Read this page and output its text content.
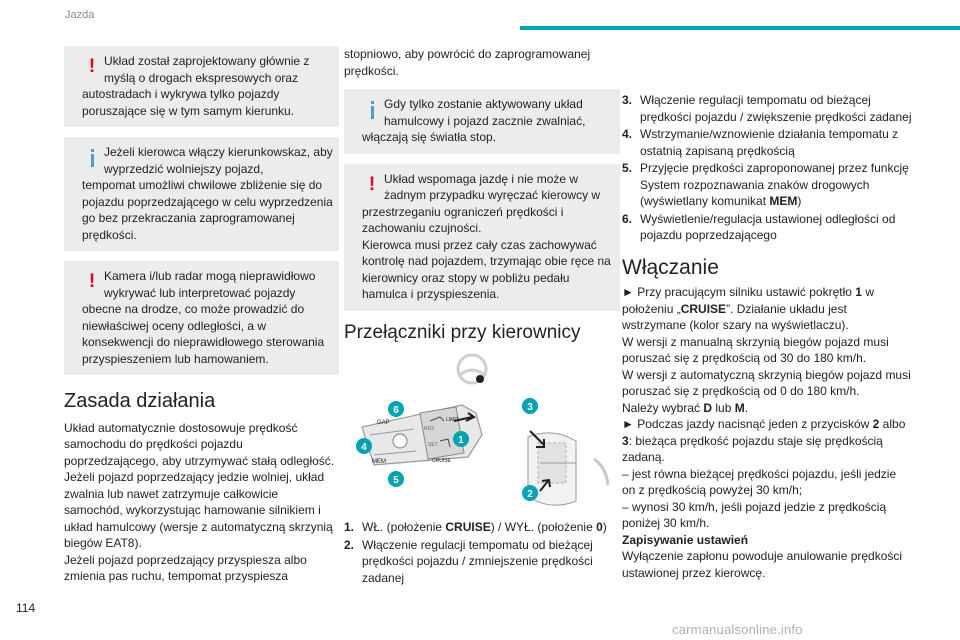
Jazda
! Układ został zaprojektowany głównie z myślą o drogach ekspresowych oraz
autostradach i wykrywa tylko pojazdy poruszające się w tym samym kierunku.
Jeżeli kierowca włączy kierunkowskaz, aby wyprzedzić wolniejszy pojazd,
tempomat umożliwi chwilowe zbliżenie się do pojazdu poprzedzającego w celu wyprzedzenia go bez przekraczania zaprogramowanej prędkości.
! Kamera i/lub radar mogą nieprawidłowo wykrywać lub interpretować pojazdy
obecne na drodze, co może prowadzić do niewłaściwej oceny odległości, a w konsekwencji do nieprawidłowego sterowania przyspieszeniem lub hamowaniem.
Zasada działania

Układ automatycznie dostosowuje prędkość samochodu do prędkości pojazdu poprzedzającego, aby utrzymywać stałą odległość.

Jeżeli pojazd poprzedzający jedzie wolniej, układ zwalnia lub nawet zatrzymuje całkowicie samochód, wykorzystując hamowanie silnikiem i układ hamulcowy (wersje z automatyczną skrzynią biegów EAT8).

Jeżeli pojazd poprzedzający przyspiesza albo zmienia pas ruchu, tempomat przyspiesza

stopniowo, aby powrócić do zaprogramowanej prędkości.

Gdy tylko zostanie aktywowany układ hamulcowy i pojazd zacznie zwalniać,
włączają się światła stop.
! Układ wspomaga jazdę i nie może w żadnym przypadku wyręczać kierowcy w
przestrzeganiu ograniczeń prędkości i zachowaniu czujności.
Kierowca musi przez cały czas zachowywać kontrolę nad pojazdem, trzymając obie ręce na kierownicy oraz stopy w pobliżu pedału hamulca i przyspieszenia.
Przełączniki przy kierownicy
GAP
RES
SET
MEM	CRUISE
LIMIT
1
2
3
4
5
6
1. WŁ. (położenie CRUISE) / WYŁ. (położenie 0)
2. Włączenie regulacji tempomatu od bieżącej prędkości pojazdu / zmniejszenie prędkości zadanej
3. Włączenie regulacji tempomatu od bieżącej prędkości pojazdu / zwiększenie prędkości zadanej
4. Wstrzymanie/wznowienie działania tempomatu z ostatnią zapisaną prędkością
5. Przyjęcie prędkości zaproponowanej przez funkcję System rozpoznawania znaków drogowych (wyświetlany komunikat MEM)
6. Wyświetlenie/regulacja ustawionej odległości od pojazdu poprzedzającego
Włączanie

► Przy pracującym silniku ustawić pokrętło 1 w położeniu „CRUISE”. Działanie układu jest wstrzymane (kolor szary na wyświetlaczu).

W wersji z manualną skrzynią biegów pojazd musi poruszać się z prędkością od 30 do 180 km/h.

W wersji z automatyczną skrzynią biegów pojazd musi poruszać się z prędkością od 0 do 180 km/h.

Należy wybrać D lub M.

► Podczas jazdy nacisnąć jeden z przycisków 2 albo 3: bieżąca prędkość pojazdu staje się prędkością zadaną.

– jest równa bieżącej prędkości pojazdu, jeśli jedzie on z prędkością powyżej 30 km/h;

– wynosi 30 km/h, jeśli pojazd jedzie z prędkością poniżej 30 km/h.

Zapisywanie ustawień

Wyłączenie zapłonu powoduje anulowanie prędkości ustawionej przez kierowcę.

114
carmanualsonline.info
